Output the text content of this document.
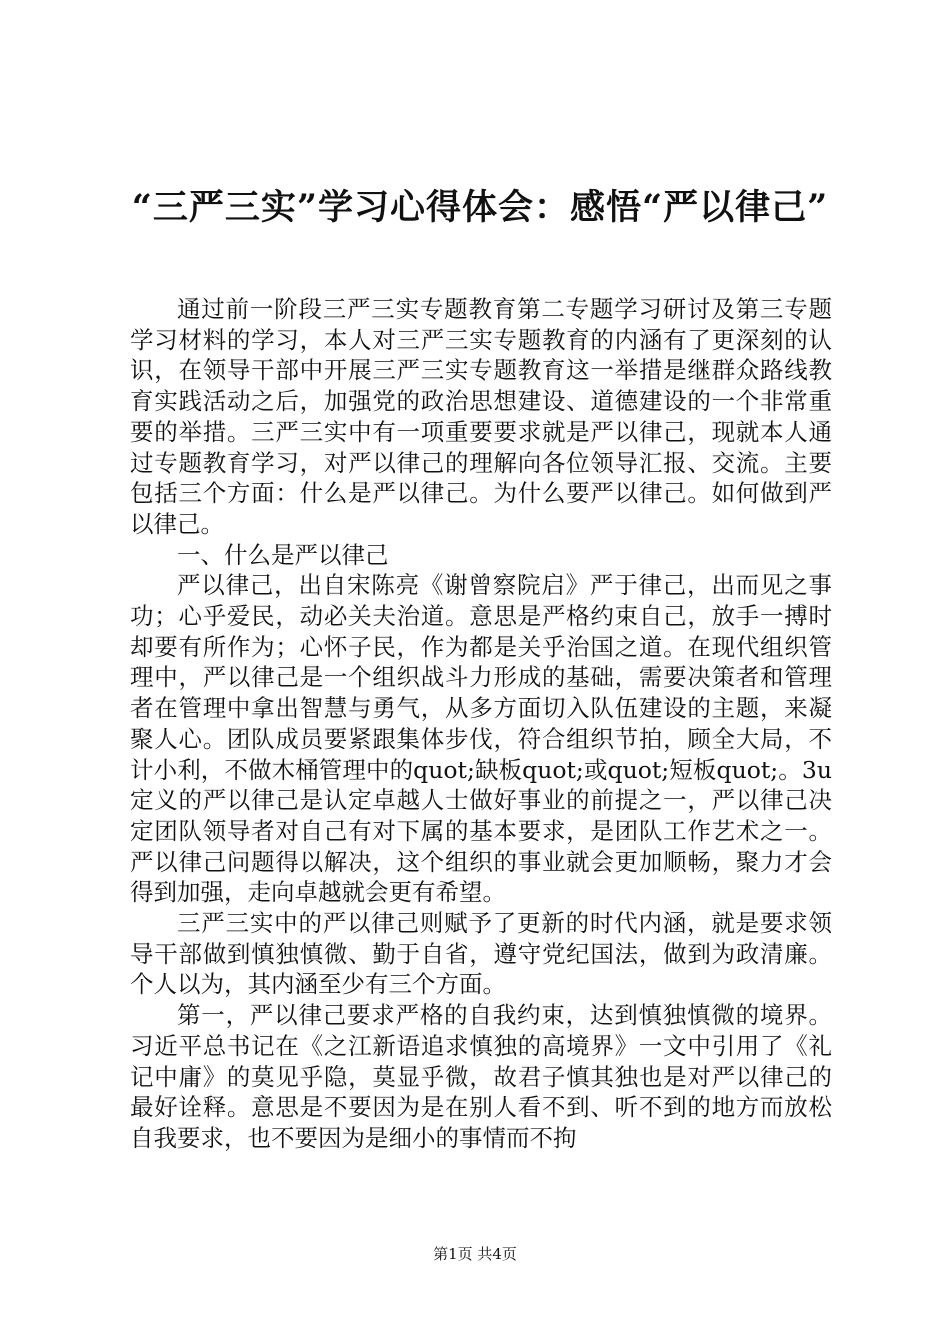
“三严三实”学习心得体会：感悟“严以律己”

通过前一阶段三严三实专题教育第二专题学习研讨及第三专题学习材料的学习，本人对三严三实专题教育的内涵有了更深刻的认识，在领导干部中开展三严三实专题教育这一举措是继群众路线教育实践活动之后，加强党的政治思想建设、道德建设的一个非常重要的举措。三严三实中有一项重要要求就是严以律己，现就本人通过专题教育学习，对严以律己的理解向各位领导汇报、交流。主要包括三个方面：什么是严以律己。为什么要严以律己。如何做到严以律己。

一、什么是严以律己

严以律己，出自宋陈亮《谢曾察院启》严于律己，出而见之事功；心乎爱民，动必关夫治道。意思是严格约束自己，放手一搏时却要有所作为；心怀子民，作为都是关乎治国之道。在现代组织管理中，严以律己是一个组织战斗力形成的基础，需要决策者和管理者在管理中拿出智慧与勇气，从多方面切入队伍建设的主题，来凝聚人心。团队成员要紧跟集体步伐，符合组织节拍，顾全大局，不计小利，不做木桶管理中的quot;缺板quot;或quot;短板quot;。3u定义的严以律己是认定卓越人士做好事业的前提之一，严以律己决定团队领导者对自己有对下属的基本要求，是团队工作艺术之一。严以律己问题得以解决，这个组织的事业就会更加顺畅，聚力才会得到加强，走向卓越就会更有希望。

三严三实中的严以律己则赋予了更新的时代内涵，就是要求领导干部做到慎独慎微、勤于自省，遵守党纪国法，做到为政清廉。个人以为，其内涵至少有三个方面。

第一，严以律己要求严格的自我约束，达到慎独慎微的境界。习近平总书记在《之江新语追求慎独的高境界》一文中引用了《礼记中庸》的莫见乎隐，莫显乎微，故君子慎其独也是对严以律己的最好诠释。意思是不要因为是在别人看不到、听不到的地方而放松自我要求，也不要因为是细小的事情而不拘

第1页 共4页
